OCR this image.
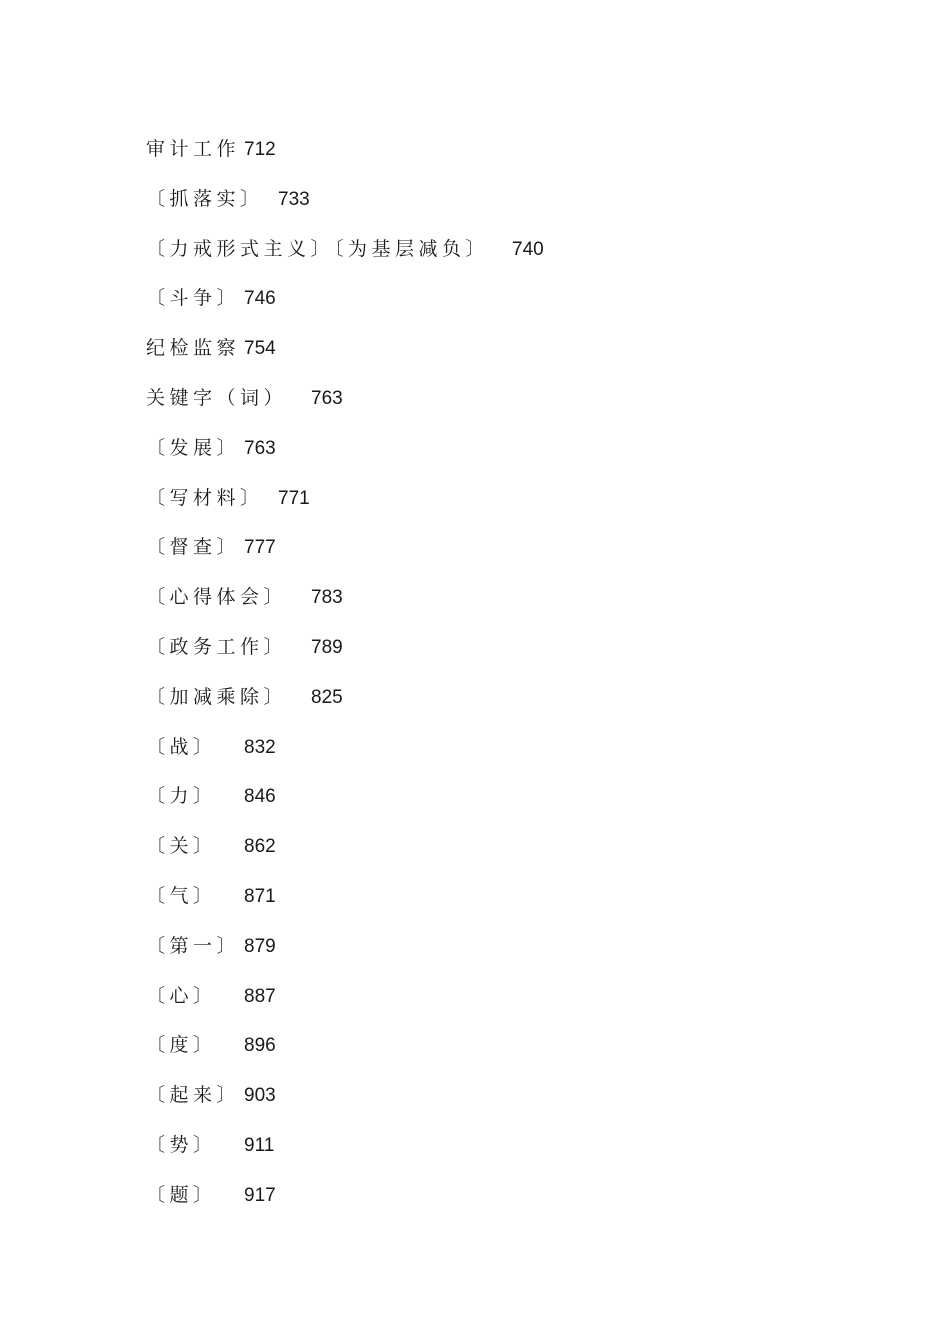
审计工作 712
〔抓落实〕 733
〔力戒形式主义〕〔为基层减负〕	740
〔斗争〕 746
纪检监察 754
关键字（词）	763
〔发展〕 763
〔写材料〕 771
〔督查〕 777
〔心得体会〕	783
〔政务工作〕	789
〔加减乘除〕	825
〔战〕	832
〔力〕	846
〔关〕	862
〔气〕	871
〔第一〕 879
〔心〕	887
〔度〕	896
〔起来〕 903
〔势〕	911
〔题〕	917
